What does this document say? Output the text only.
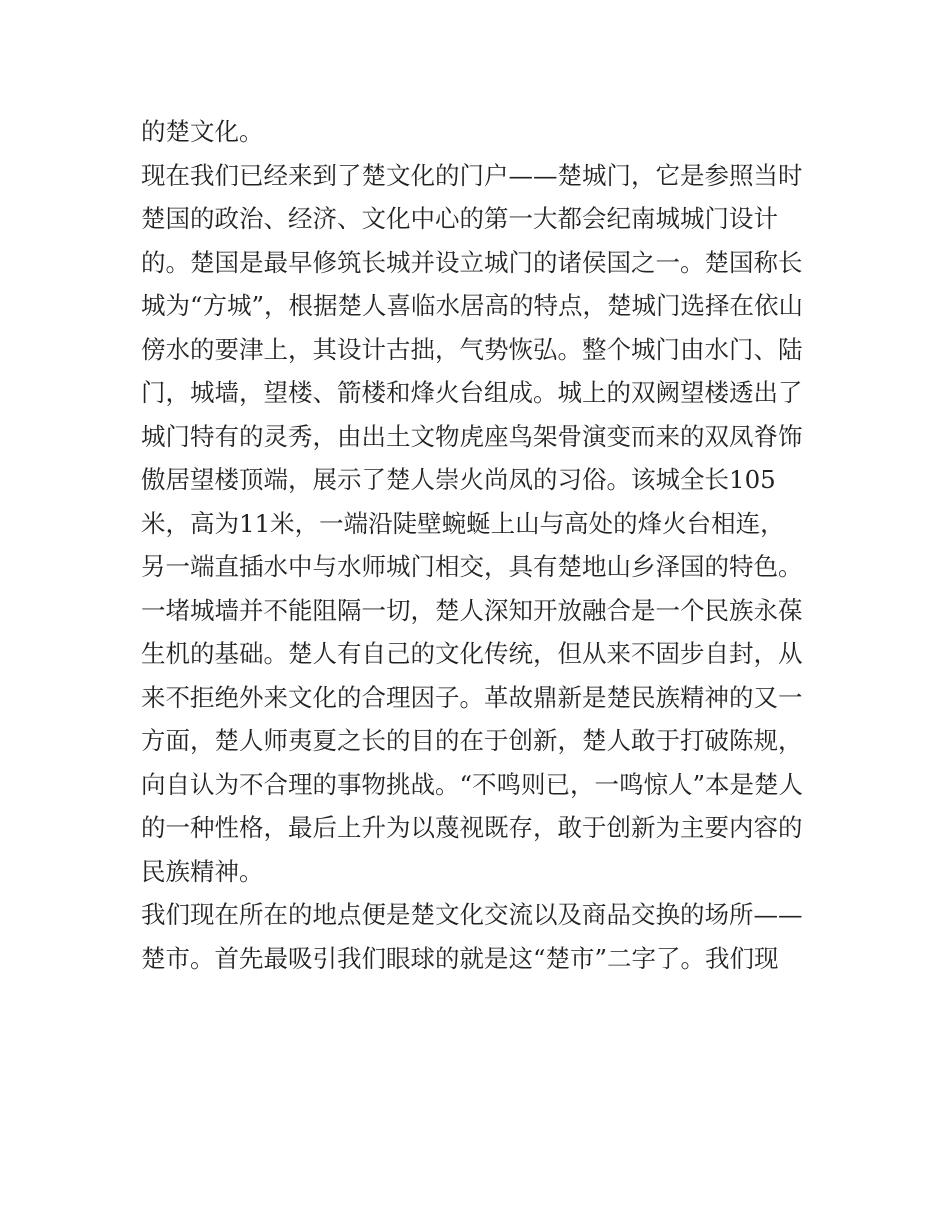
的楚文化。
现在我们已经来到了楚文化的门户——楚城门，它是参照当时
楚国的政治、经济、文化中心的第一大都会纪南城城门设计
的。楚国是最早修筑长城并设立城门的诸侯国之一。楚国称长
城为“方城”，根据楚人喜临水居高的特点，楚城门选择在依山
傍水的要津上，其设计古拙，气势恢弘。整个城门由水门、陆
门，城墙，望楼、箭楼和烽火台组成。城上的双阙望楼透出了
城门特有的灵秀，由出土文物虎座鸟架骨演变而来的双凤脊饰
傲居望楼顶端，展示了楚人崇火尚凤的习俗。该城全长105
米，高为11米，一端沿陡壁蜿蜒上山与高处的烽火台相连，
另一端直插水中与水师城门相交，具有楚地山乡泽国的特色。
一堵城墙并不能阻隔一切，楚人深知开放融合是一个民族永葆
生机的基础。楚人有自己的文化传统，但从来不固步自封，从
来不拒绝外来文化的合理因子。革故鼎新是楚民族精神的又一
方面，楚人师夷夏之长的目的在于创新，楚人敢于打破陈规，
向自认为不合理的事物挑战。“不鸣则已，一鸣惊人”本是楚人
的一种性格，最后上升为以蔑视既存，敢于创新为主要内容的
民族精神。
我们现在所在的地点便是楚文化交流以及商品交换的场所——
楚市。首先最吸引我们眼球的就是这“楚市”二字了。我们现
